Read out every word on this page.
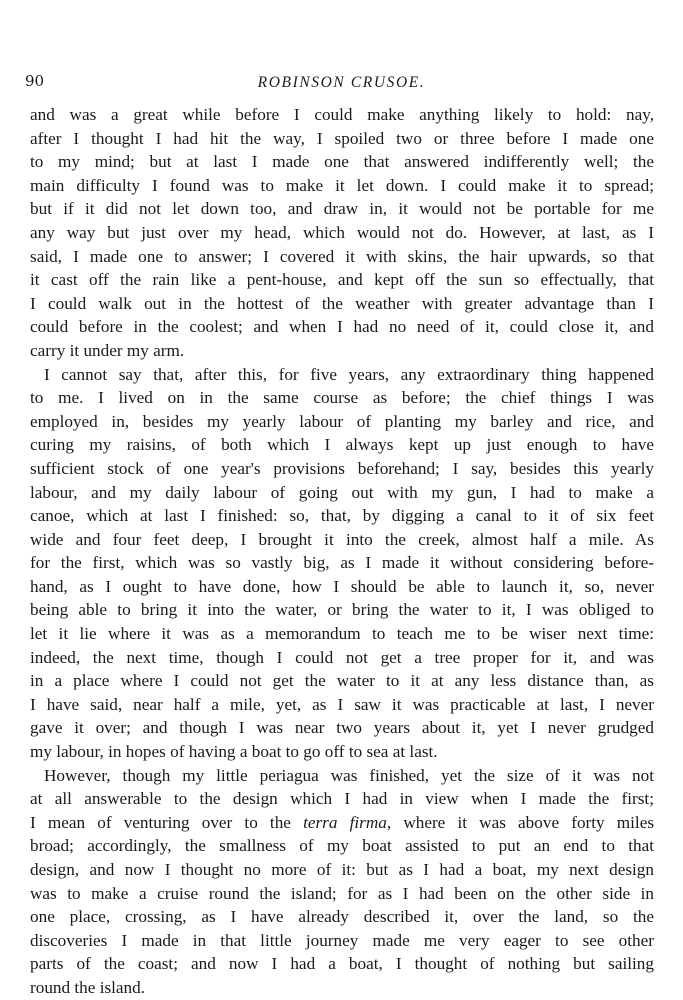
90	ROBINSON CRUSOE.
and was a great while before I could make anything likely to hold: nay,
after I thought I had hit the way, I spoiled two or three before I made one
to my mind; but at last I made one that answered indifferently well; the
main difficulty I found was to make it let down. I could make it to spread;
but if it did not let down too, and draw in, it would not be portable for me
any way but just over my head, which would not do. However, at last, as I
said, I made one to answer; I covered it with skins, the hair upwards, so that
it cast off the rain like a pent-house, and kept off the sun so effectually, that
I could walk out in the hottest of the weather with greater advantage than I
could before in the coolest; and when I had no need of it, could close it, and
carry it under my arm.
I cannot say that, after this, for five years, any extraordinary thing happened
to me. I lived on in the same course as before; the chief things I was
employed in, besides my yearly labour of planting my barley and rice, and
curing my raisins, of both which I always kept up just enough to have
sufficient stock of one year's provisions beforehand; I say, besides this yearly
labour, and my daily labour of going out with my gun, I had to make a
canoe, which at last I finished: so, that, by digging a canal to it of six feet
wide and four feet deep, I brought it into the creek, almost half a mile. As
for the first, which was so vastly big, as I made it without considering before-
hand, as I ought to have done, how I should be able to launch it, so, never
being able to bring it into the water, or bring the water to it, I was obliged to
let it lie where it was as a memorandum to teach me to be wiser next time:
indeed, the next time, though I could not get a tree proper for it, and was
in a place where I could not get the water to it at any less distance than, as
I have said, near half a mile, yet, as I saw it was practicable at last, I never
gave it over; and though I was near two years about it, yet I never grudged
my labour, in hopes of having a boat to go off to sea at last.
However, though my little periagua was finished, yet the size of it was not
at all answerable to the design which I had in view when I made the first;
I mean of venturing over to the terra firma, where it was above forty miles
broad; accordingly, the smallness of my boat assisted to put an end to that
design, and now I thought no more of it: but as I had a boat, my next design
was to make a cruise round the island; for as I had been on the other side in
one place, crossing, as I have already described it, over the land, so the
discoveries I made in that little journey made me very eager to see other
parts of the coast; and now I had a boat, I thought of nothing but sailing
round the island.
